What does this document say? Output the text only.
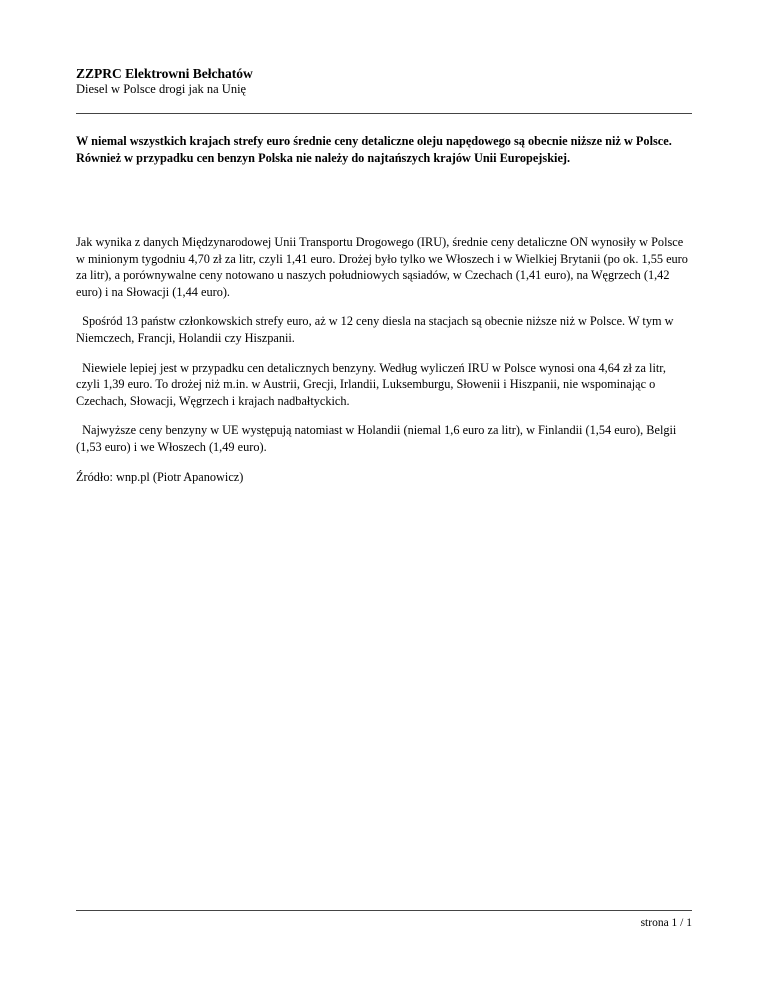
ZZPRC Elektrowni Bełchatów
Diesel w Polsce drogi jak na Unię

W niemal wszystkich krajach strefy euro średnie ceny detaliczne oleju napędowego są obecnie niższe niż w Polsce. Również w przypadku cen benzyn Polska nie należy do najtańszych krajów Unii Europejskiej.

Jak wynika z danych Międzynarodowej Unii Transportu Drogowego (IRU), średnie ceny detaliczne ON wynosiły w Polsce w minionym tygodniu 4,70 zł za litr, czyli 1,41 euro. Drożej było tylko we Włoszech i w Wielkiej Brytanii (po ok. 1,55 euro za litr), a porównywalne ceny notowano u naszych południowych sąsiadów, w Czechach (1,41 euro), na Węgrzech (1,42 euro) i na Słowacji (1,44 euro).

Spośród 13 państw członkowskich strefy euro, aż w 12 ceny diesla na stacjach są obecnie niższe niż w Polsce. W tym w Niemczech, Francji, Holandii czy Hiszpanii.

Niewiele lepiej jest w przypadku cen detalicznych benzyny. Według wyliczeń IRU w Polsce wynosi ona 4,64 zł za litr, czyli 1,39 euro. To drożej niż m.in. w Austrii, Grecji, Irlandii, Luksemburgu, Słowenii i Hiszpanii, nie wspominając o Czechach, Słowacji, Węgrzech i krajach nadbałtyckich.

Najwyższe ceny benzyny w UE występują natomiast w Holandii (niemal 1,6 euro za litr), w Finlandii (1,54 euro), Belgii (1,53 euro) i we Włoszech (1,49 euro).

Źródło: wnp.pl (Piotr Apanowicz)

strona 1 / 1
